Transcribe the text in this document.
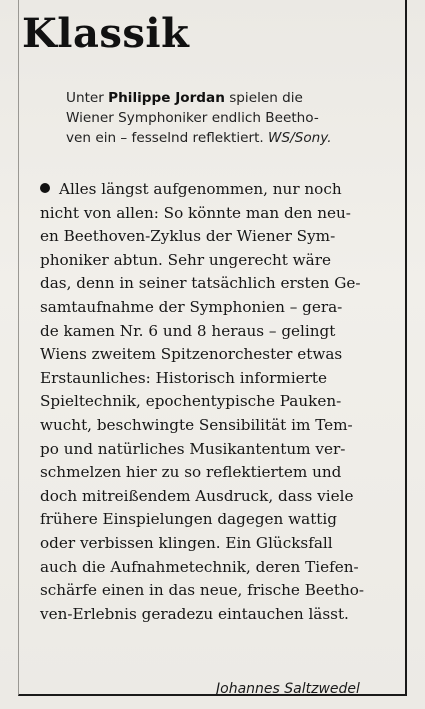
Klassik
Unter Philippe Jordan spielen die
Wiener Symphoniker endlich Beetho-
ven ein – fesselnd reflektiert. WS/Sony.
Alles längst aufgenommen, nur noch
nicht von allen: So könnte man den neu-
en Beethoven-Zyklus der Wiener Sym-
phoniker abtun. Sehr ungerecht wäre
das, denn in seiner tatsächlich ersten Ge-
samtaufnahme der Symphonien – gera-
de kamen Nr. 6 und 8 heraus – gelingt
Wiens zweitem Spitzenorchester etwas
Erstaunliches: Historisch informierte
Spieltechnik, epochentypische Pauken-
wucht, beschwingte Sensibilität im Tem-
po und natürliches Musikantentum ver-
schmelzen hier zu so reflektiertem und
doch mitreißendem Ausdruck, dass viele
frühere Einspielungen dagegen wattig
oder verbissen klingen. Ein Glücksfall
auch die Aufnahmetechnik, deren Tiefen-
schärfe einen in das neue, frische Beetho-
ven-Erlebnis geradezu eintauchen lässt.
Johannes Saltzwedel
